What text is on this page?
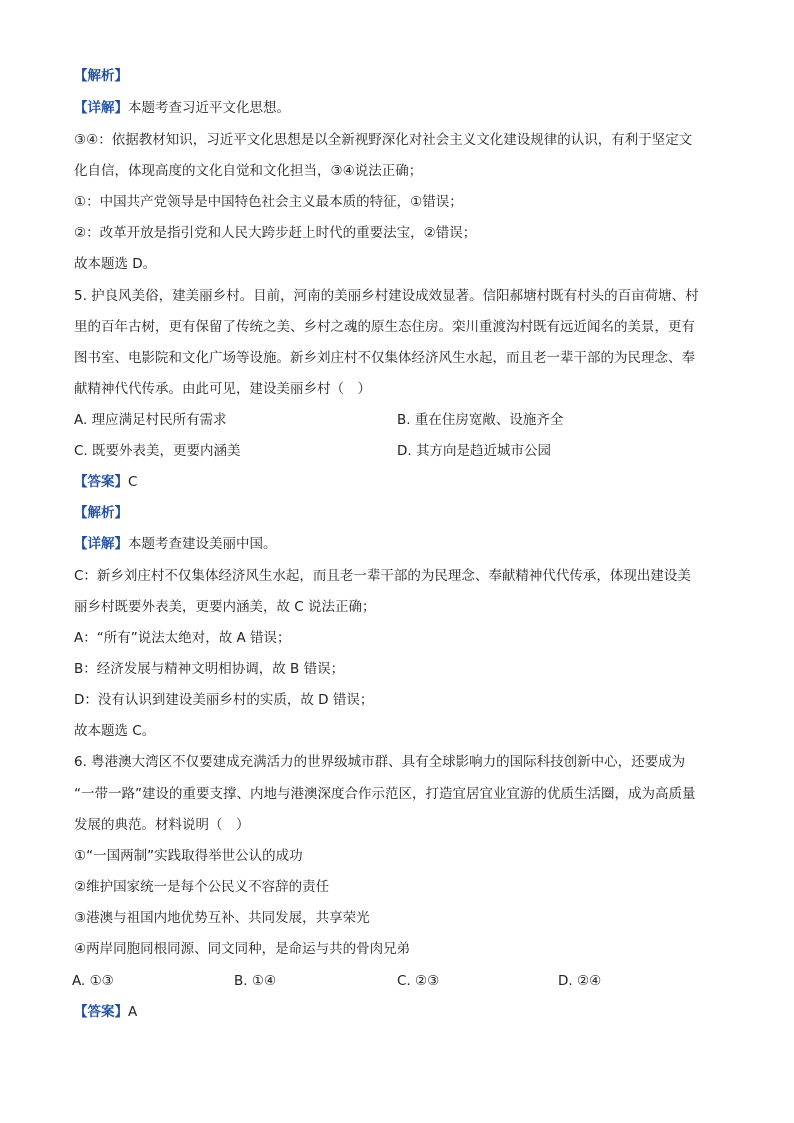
【解析】
【详解】本题考查习近平文化思想。
③④：依据教材知识，习近平文化思想是以全新视野深化对社会主义文化建设规律的认识，有利于坚定文
化自信，体现高度的文化自觉和文化担当，③④说法正确；
①：中国共产党领导是中国特色社会主义最本质的特征，①错误；
②：改革开放是指引党和人民大跨步赶上时代的重要法宝，②错误；
故本题选 D。
5. 护良风美俗，建美丽乡村。目前，河南的美丽乡村建设成效显著。信阳郝塘村既有村头的百亩荷塘、村
里的百年古树，更有保留了传统之美、乡村之魂的原生态住房。栾川重渡沟村既有远近闻名的美景，更有
图书室、电影院和文化广场等设施。新乡刘庄村不仅集体经济风生水起，而且老一辈干部的为民理念、奉
献精神代代传承。由此可见，建设美丽乡村（　）
A. 理应满足村民所有需求	B. 重在住房宽敞、设施齐全
C. 既要外表美，更要内涵美	D. 其方向是趋近城市公园
【答案】C
【解析】
【详解】本题考查建设美丽中国。
C：新乡刘庄村不仅集体经济风生水起，而且老一辈干部的为民理念、奉献精神代代传承，体现出建设美
丽乡村既要外表美，更要内涵美，故 C 说法正确；
A：“所有”说法太绝对，故 A 错误；
B：经济发展与精神文明相协调，故 B 错误；
D：没有认识到建设美丽乡村的实质，故 D 错误；
故本题选 C。
6. 粤港澳大湾区不仅要建成充满活力的世界级城市群、具有全球影响力的国际科技创新中心，还要成为
“一带一路”建设的重要支撑、内地与港澳深度合作示范区，打造宜居宜业宜游的优质生活圈，成为高质量
发展的典范。材料说明（　）
①“一国两制”实践取得举世公认的成功
②维护国家统一是每个公民义不容辞的责任
③港澳与祖国内地优势互补、共同发展，共享荣光
④两岸同胞同根同源、同文同种，是命运与共的骨肉兄弟
A. ①③	B. ①④	C. ②③	D. ②④
【答案】A
